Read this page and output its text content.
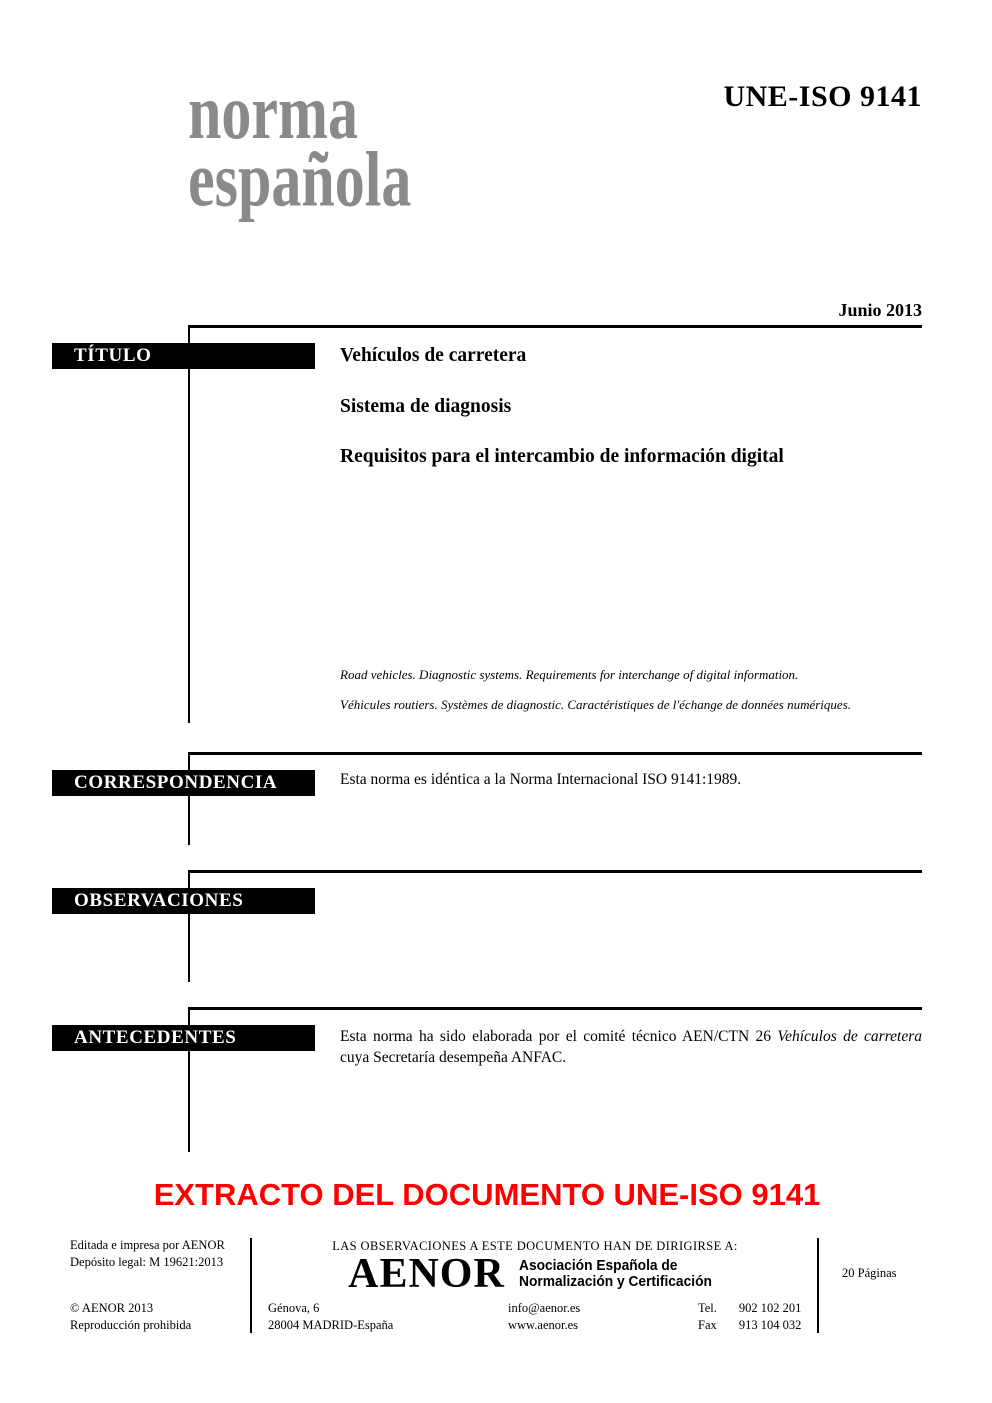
norma
española
UNE-ISO 9141
Junio 2013
TÍTULO
CORRESPONDENCIA
OBSERVACIONES
ANTECEDENTES
Vehículos de carretera
Sistema de diagnosis
Requisitos para el intercambio de información digital
Road vehicles. Diagnostic systems. Requirements for interchange of digital information.
Véhicules routiers. Systèmes de diagnostic. Caractéristiques de l'échange de données numériques.
Esta norma es idéntica a la Norma Internacional ISO 9141:1989.
Esta norma ha sido elaborada por el comité técnico AEN/CTN 26 Vehículos de carretera cuya Secretaría desempeña ANFAC.
EXTRACTO DEL DOCUMENTO UNE-ISO 9141
Editada e impresa por AENOR
Depósito legal: M 19621:2013
LAS OBSERVACIONES A ESTE DOCUMENTO HAN DE DIRIGIRSE A:
AENOR Asociación Española de
Normalización y Certificación
© AENOR 2013
Reproducción prohibida
Génova, 6
28004 MADRID-España
info@aenor.es
www.aenor.es
Tel. 902 102 201
Fax 913 104 032
20 Páginas
